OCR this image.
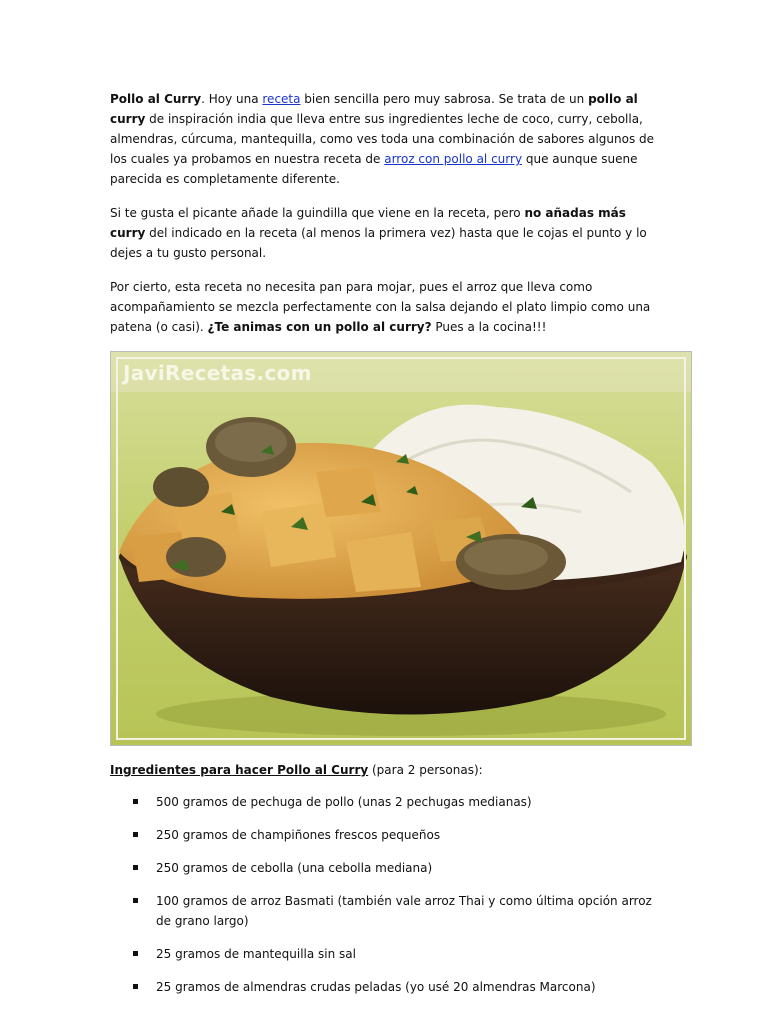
Pollo al Curry. Hoy una receta bien sencilla pero muy sabrosa. Se trata de un pollo al curry de inspiración india que lleva entre sus ingredientes leche de coco, curry, cebolla, almendras, cúrcuma, mantequilla, como ves toda una combinación de sabores algunos de los cuales ya probamos en nuestra receta de arroz con pollo al curry que aunque suene parecida es completamente diferente.

Si te gusta el picante añade la guindilla que viene en la receta, pero no añadas más curry del indicado en la receta (al menos la primera vez) hasta que le cojas el punto y lo dejes a tu gusto personal.

Por cierto, esta receta no necesita pan para mojar, pues el arroz que lleva como acompañamiento se mezcla perfectamente con la salsa dejando el plato limpio como una patena (o casi). ¿Te animas con un pollo al curry? Pues a la cocina!!!

JaviRecetas.com

Ingredientes para hacer Pollo al Curry (para 2 personas):

500 gramos de pechuga de pollo (unas 2 pechugas medianas)
250 gramos de champiñones frescos pequeños
250 gramos de cebolla (una cebolla mediana)
100 gramos de arroz Basmati (también vale arroz Thai y como última opción arroz de grano largo)
25 gramos de mantequilla sin sal
25 gramos de almendras crudas peladas (yo usé 20 almendras Marcona)
